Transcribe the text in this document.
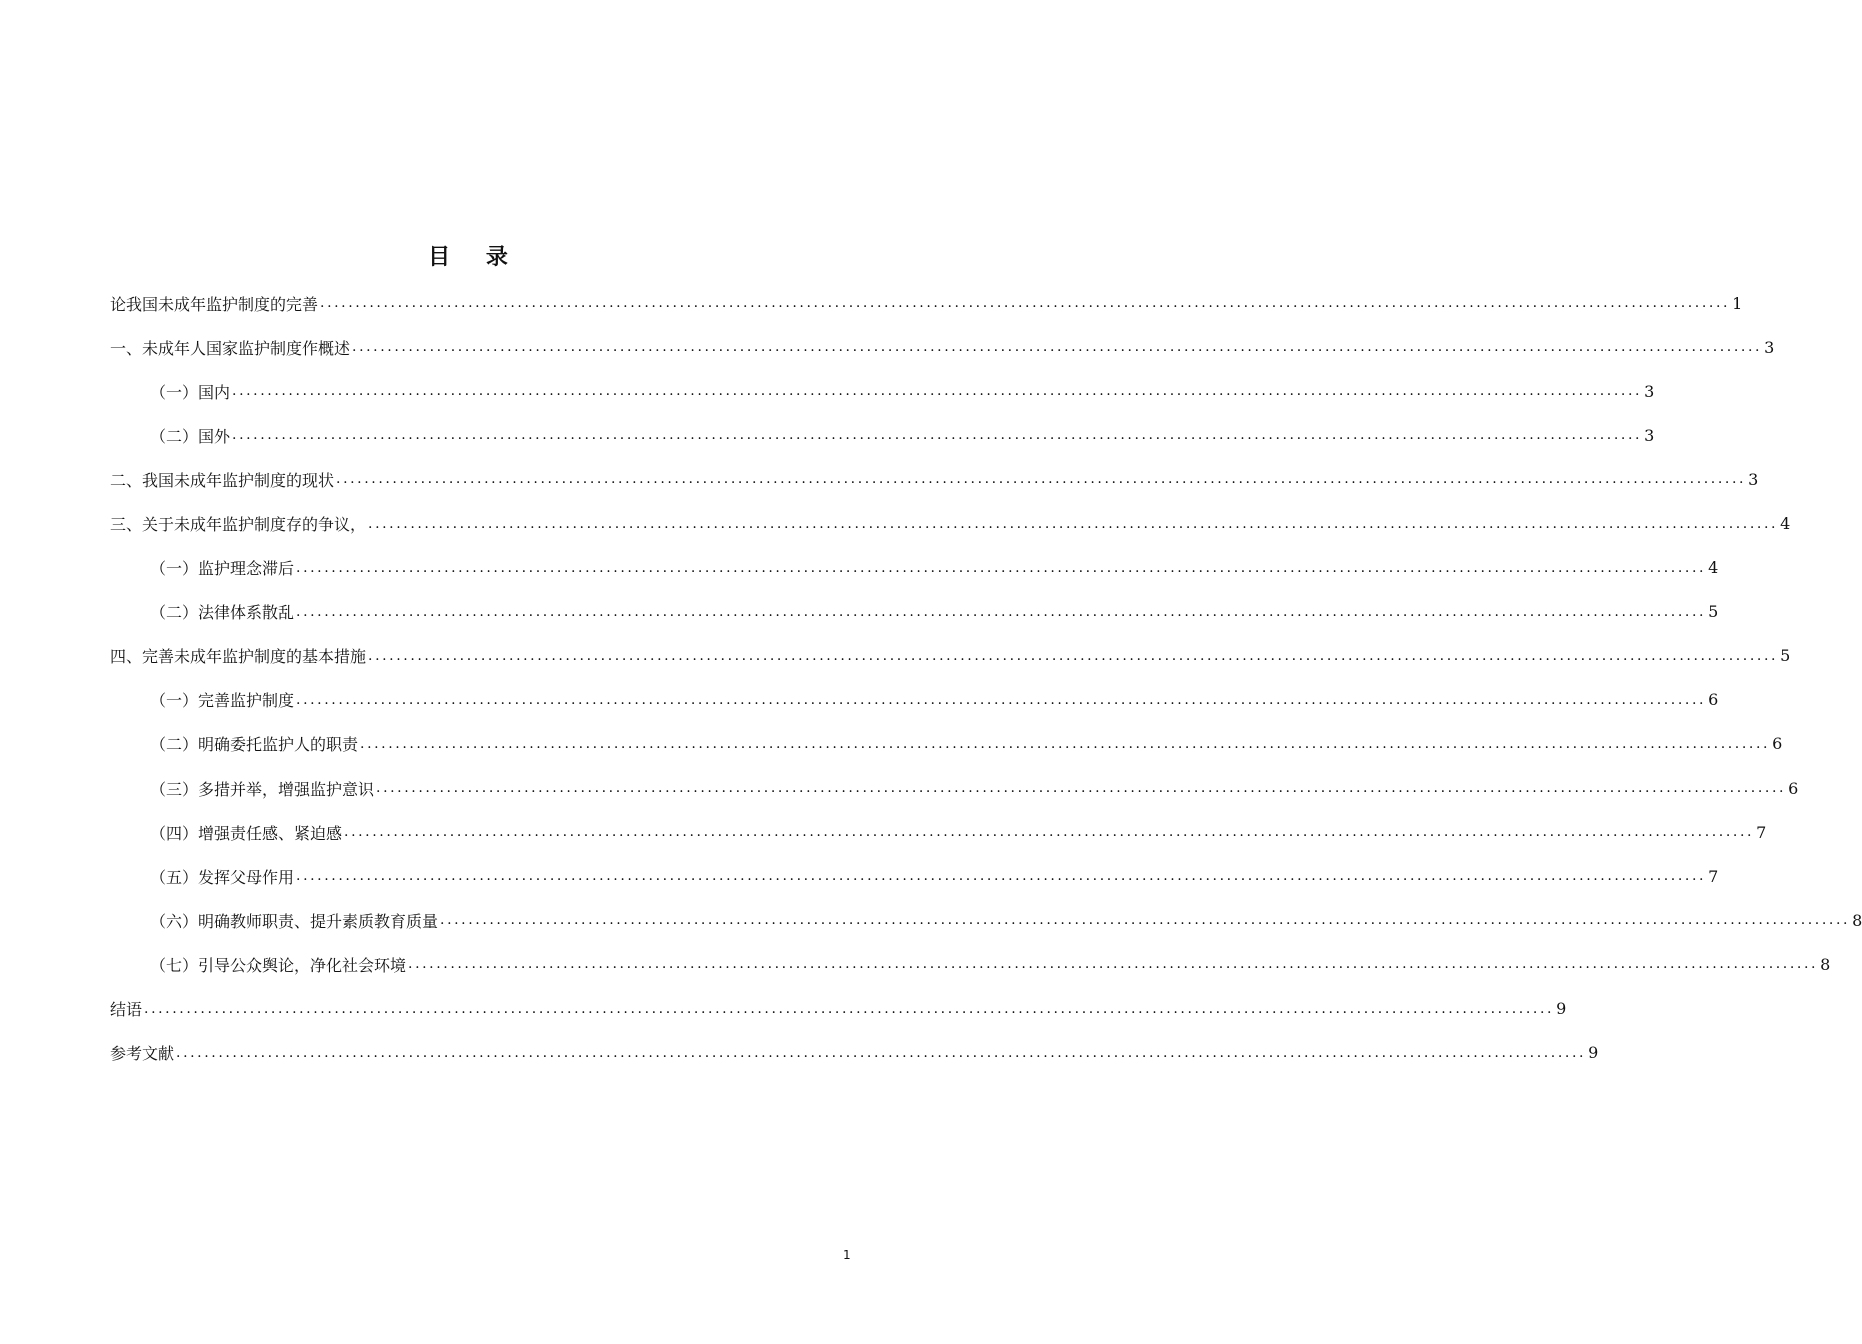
目 录
论我国未成年监护制度的完善 ........................................................................................................................................................................................................ 1
一、未成年人国家监护制度作概述 ........................................................................................................................................................................................................ 3
（一）国内 ........................................................................................................................................................................................................ 3
（二）国外 ........................................................................................................................................................................................................ 3
二、我国未成年监护制度的现状 ........................................................................................................................................................................................................ 3
三、关于未成年监护制度存的争议， ........................................................................................................................................................................................................ 4
（一）监护理念滞后 ........................................................................................................................................................................................................ 4
（二）法律体系散乱 ........................................................................................................................................................................................................ 5
四、完善未成年监护制度的基本措施 ........................................................................................................................................................................................................ 5
（一）完善监护制度 ........................................................................................................................................................................................................ 6
（二）明确委托监护人的职责 ........................................................................................................................................................................................................ 6
（三）多措并举，增强监护意识 ........................................................................................................................................................................................................ 6
（四）增强责任感、紧迫感 ........................................................................................................................................................................................................ 7
（五）发挥父母作用 ........................................................................................................................................................................................................ 7
（六）明确教师职责、提升素质教育质量 ........................................................................................................................................................................................................ 8
（七）引导公众舆论，净化社会环境 ........................................................................................................................................................................................................ 8
结语 ........................................................................................................................................................................................................ 9
参考文献 ........................................................................................................................................................................................................ 9
1
